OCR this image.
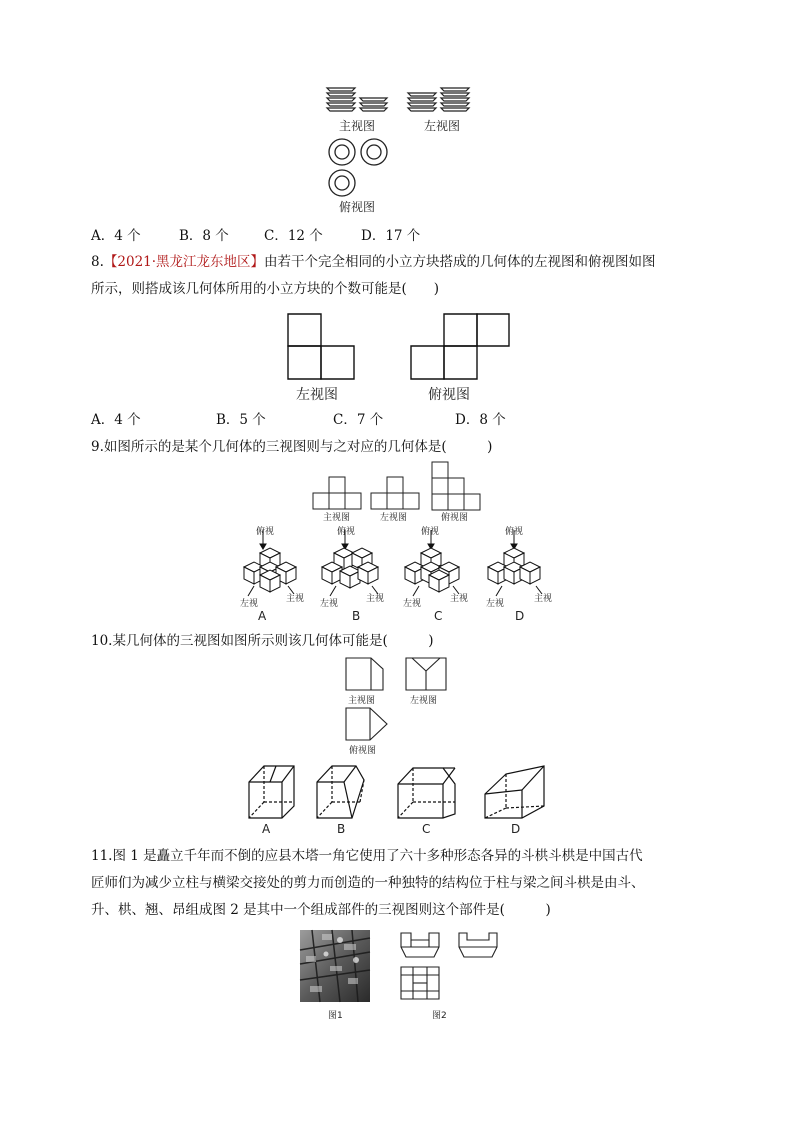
主视图	左视图
俯视图
A．4 个	B．8 个	C．12 个	D．17 个
8.【2021·黑龙江龙东地区】由若干个完全相同的小立方块搭成的几何体的左视图和俯视图如图
所示，则搭成该几何体所用的小立方块的个数可能是(　　)
左视图	俯视图
A．4 个	B．5 个	C．7 个	D．8 个
9.如图所示的是某个几何体的三视图则与之对应的几何体是(　　　)
主视图	左视图	俯视图
俯视
左视	主视
A
俯视
左视	主视
B
俯视
左视	主视
C
俯视
左视	主视
D
10.某几何体的三视图如图所示则该几何体可能是(　　　)
主视图	左视图
俯视图
A	B	C	D
11.图 1 是矗立千年而不倒的应县木塔一角它使用了六十多种形态各异的斗栱斗栱是中国古代
匠师们为减少立柱与横梁交接处的剪力而创造的一种独特的结构位于柱与梁之间斗栱是由斗、
升、栱、翘、昂组成图 2 是其中一个组成部件的三视图则这个部件是(　　　)
图1	图2
